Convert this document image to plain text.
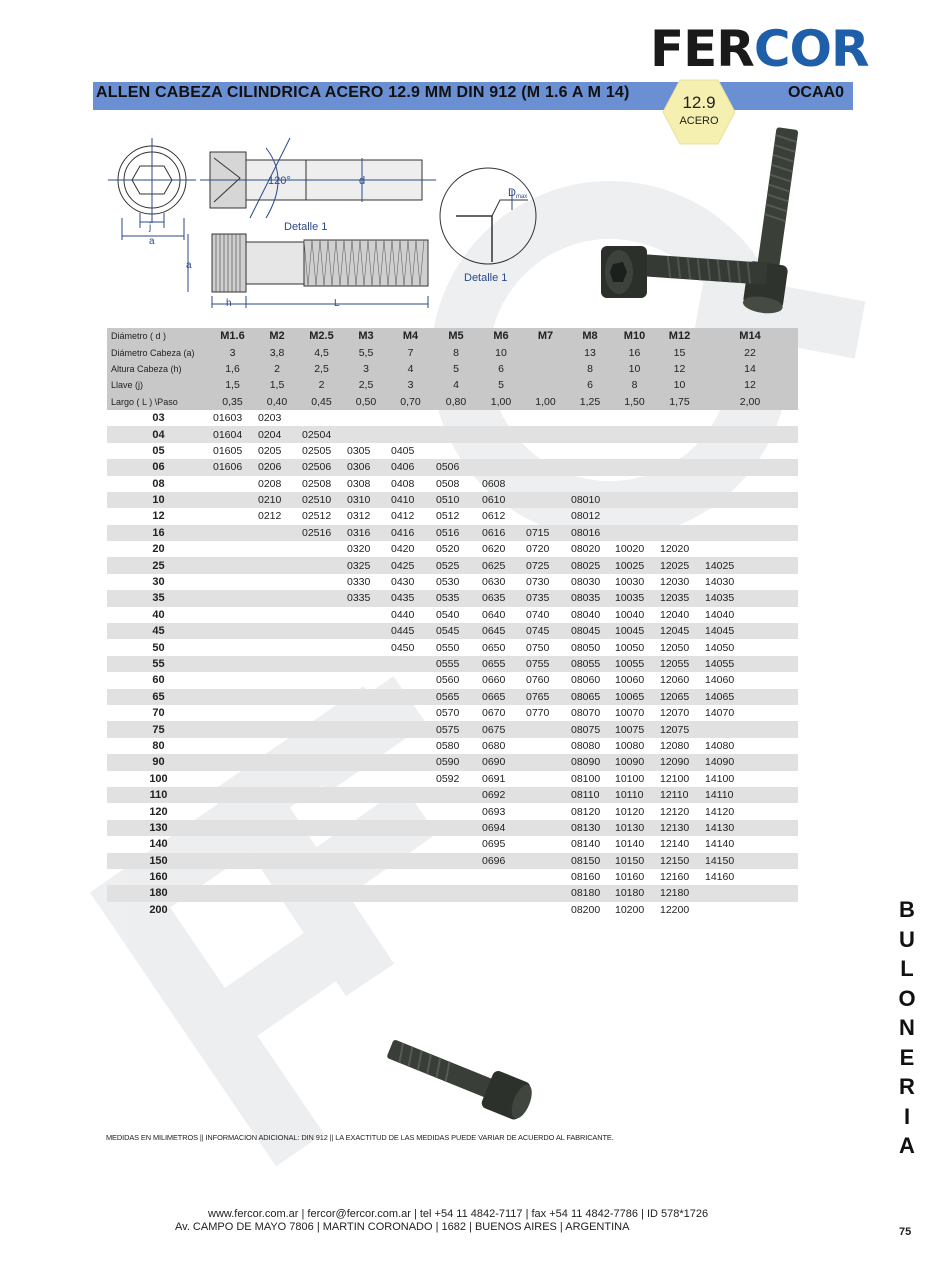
FERCOR
ALLEN CABEZA CILINDRICA ACERO 12.9 MM DIN 912 (M 1.6 A M 14)	OCAA0
12.9
ACERO
120°	d
Detalle 1
Detalle 1
j
a
a
h	L
Dmax
Diámetro ( d )	M1.6	M2	M2.5	M3	M4	M5	M6	M7	M8	M10	M12	M14	
Diámetro Cabeza (a)	3	3,8	4,5	5,5	7	8	10		13	16	15	22	
Altura Cabeza (h)	1,6	2	2,5	3	4	5	6		8	10	12	14	
Llave (j)	1,5	1,5	2	2,5	3	4	5		6	8	10	12	
Largo ( L ) \Paso	0,35	0,40	0,45	0,50	0,70	0,80	1,00	1,00	1,25	1,50	1,75	2,00	
03	01603	0203											
04	01604	0204	02504										
05	01605	0205	02505	0305	0405								
06	01606	0206	02506	0306	0406	0506							
08		0208	02508	0308	0408	0508	0608						
10		0210	02510	0310	0410	0510	0610		08010				
12		0212	02512	0312	0412	0512	0612		08012				
16			02516	0316	0416	0516	0616	0715	08016				
20				0320	0420	0520	0620	0720	08020	10020	12020		
25				0325	0425	0525	0625	0725	08025	10025	12025	14025	
30				0330	0430	0530	0630	0730	08030	10030	12030	14030	
35				0335	0435	0535	0635	0735	08035	10035	12035	14035	
40					0440	0540	0640	0740	08040	10040	12040	14040	
45					0445	0545	0645	0745	08045	10045	12045	14045	
50					0450	0550	0650	0750	08050	10050	12050	14050	
55						0555	0655	0755	08055	10055	12055	14055	
60						0560	0660	0760	08060	10060	12060	14060	
65						0565	0665	0765	08065	10065	12065	14065	
70						0570	0670	0770	08070	10070	12070	14070	
75						0575	0675		08075	10075	12075		
80						0580	0680		08080	10080	12080	14080	
90						0590	0690		08090	10090	12090	14090	
100						0592	0691		08100	10100	12100	14100	
110							0692		08110	10110	12110	14110	
120							0693		08120	10120	12120	14120	
130							0694		08130	10130	12130	14130	
140							0695		08140	10140	12140	14140	
150							0696		08150	10150	12150	14150	
160									08160	10160	12160	14160	
180									08180	10180	12180		
200									08200	10200	12200		
MEDIDAS EN MILIMETROS || INFORMACION ADICIONAL: DIN 912 || LA EXACTITUD DE LAS MEDIDAS PUEDE VARIAR DE ACUERDO AL FABRICANTE.
www.fercor.com.ar | fercor@fercor.com.ar | tel +54 11 4842-7117 | fax +54 11 4842-7786 | ID 578*1726
Av. CAMPO DE MAYO 7806 | MARTIN CORONADO | 1682 | BUENOS AIRES | ARGENTINA
B
U
L
O
N
E
R
I
A
75
